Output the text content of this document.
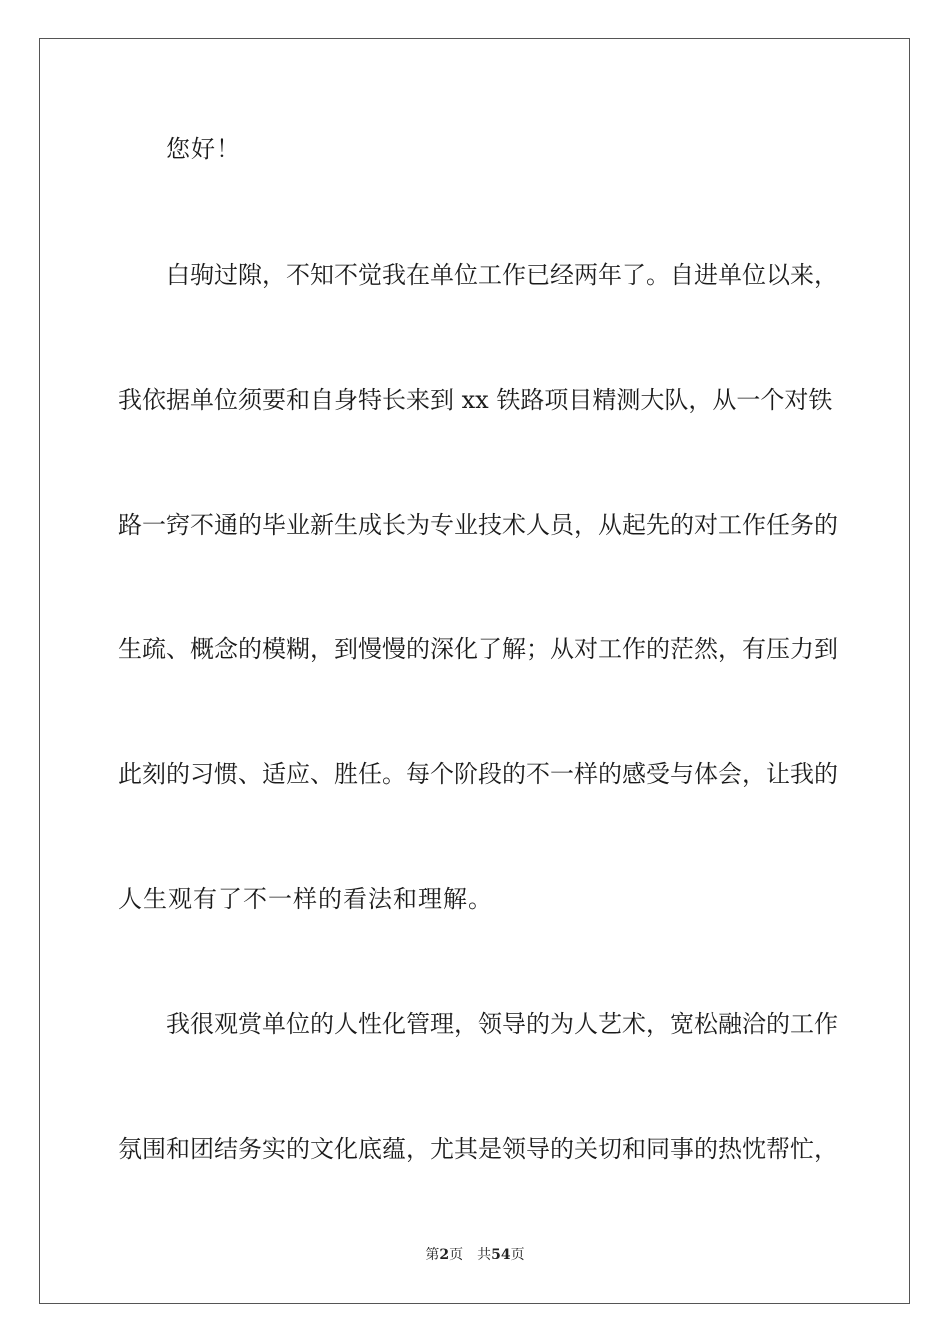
您好！
白驹过隙，不知不觉我在单位工作已经两年了。自进单位以来，
我依据单位须要和自身特长来到 xx 铁路项目精测大队，从一个对铁
路一窍不通的毕业新生成长为专业技术人员，从起先的对工作任务的
生疏、概念的模糊，到慢慢的深化了解；从对工作的茫然，有压力到
此刻的习惯、适应、胜任。每个阶段的不一样的感受与体会，让我的
人生观有了不一样的看法和理解。
我很观赏单位的人性化管理，领导的为人艺术，宽松融洽的工作
氛围和团结务实的文化底蕴，尤其是领导的关切和同事的热忱帮忙，
第2页 共54页
